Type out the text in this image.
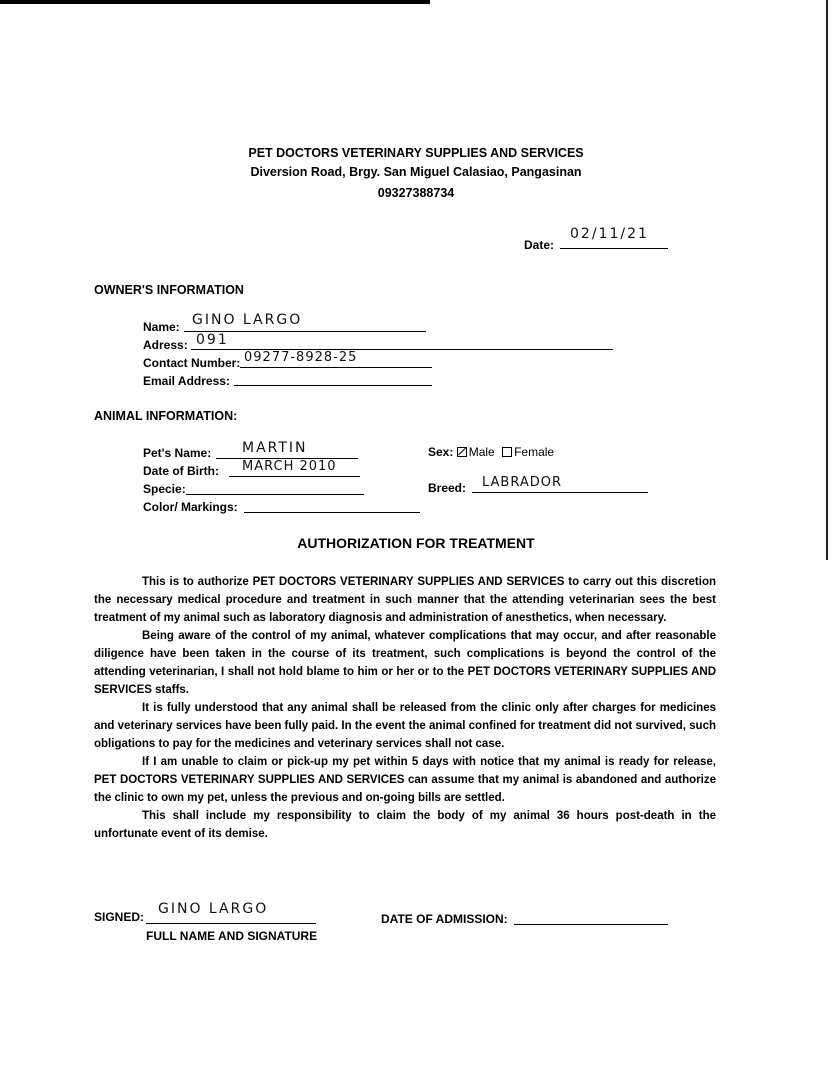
PET DOCTORS VETERINARY SUPPLIES AND SERVICES
Diversion Road, Brgy. San Miguel Calasiao, Pangasinan
09327388734
Date:
02/11/21
OWNER'S INFORMATION
Name: GINO LARGO
Adress: 091
Contact Number: 09277-8928-25
Email Address:
ANIMAL INFORMATION:
Pet's Name: MARTIN
Date of Birth: MARCH 2010
Specie:
Color/ Markings:
Sex: Male Female
Breed: LABRADOR
AUTHORIZATION FOR TREATMENT

This is to authorize PET DOCTORS VETERINARY SUPPLIES AND SERVICES to carry out this discretion the necessary medical procedure and treatment in such manner that the attending veterinarian sees the best treatment of my animal such as laboratory diagnosis and administration of anesthetics, when necessary.

Being aware of the control of my animal, whatever complications that may occur, and after reasonable diligence have been taken in the course of its treatment, such complications is beyond the control of the attending veterinarian, I shall not hold blame to him or her or to the PET DOCTORS VETERINARY SUPPLIES AND SERVICES staffs.

It is fully understood that any animal shall be released from the clinic only after charges for medicines and veterinary services have been fully paid. In the event the animal confined for treatment did not survived, such obligations to pay for the medicines and veterinary services shall not case.

If I am unable to claim or pick-up my pet within 5 days with notice that my animal is ready for release, PET DOCTORS VETERINARY SUPPLIES AND SERVICES can assume that my animal is abandoned and authorize the clinic to own my pet, unless the previous and on-going bills are settled.

This shall include my responsibility to claim the body of my animal 36 hours post-death in the unfortunate event of its demise.

SIGNED: GINO LARGO
FULL NAME AND SIGNATURE
DATE OF ADMISSION:
